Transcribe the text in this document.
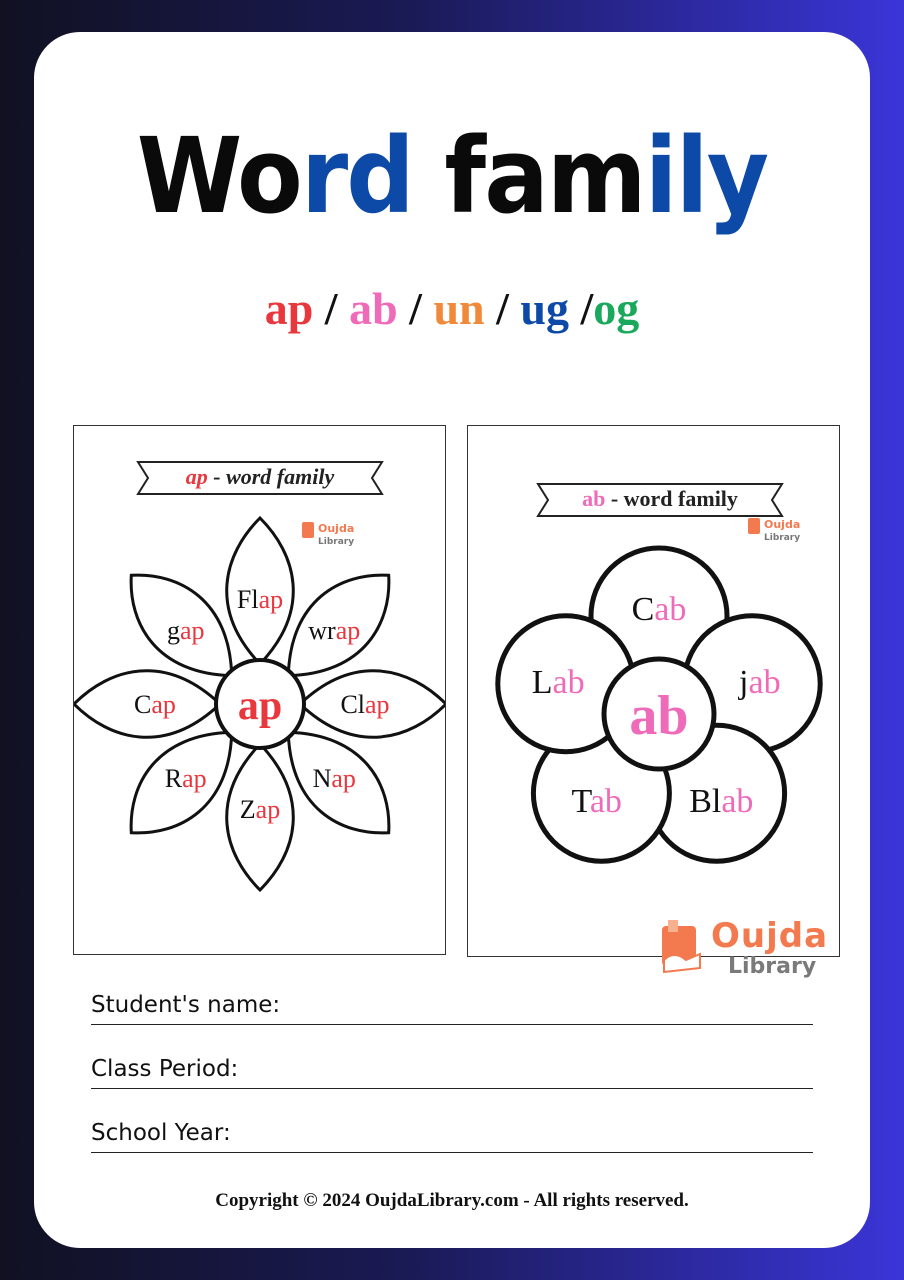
Word family
ap / ab / un / ug /og
ap - word family
Oujda
Library
ap
Flap
wrap
Clap
Nap
Zap
Rap
Cap
gap
ab - word family
Oujda
Library
ab
Cab
jab
Blab
Tab
Lab
Oujda
Library
Student's name:
Class Period:
School Year:
Copyright © 2024 OujdaLibrary.com - All rights reserved.
